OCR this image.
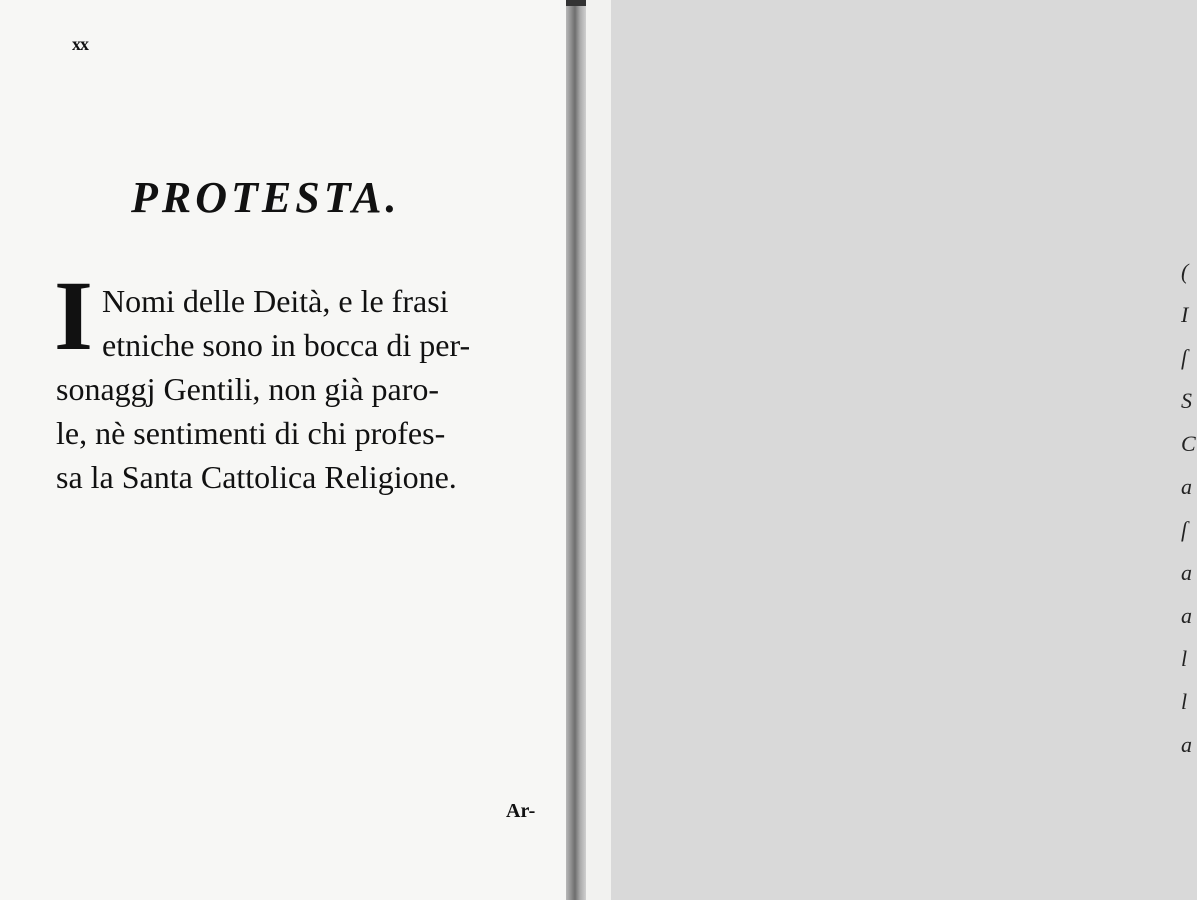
xx
PROTESTA.
I Nomi delle Deità, e le frasi
etniche sono in bocca di per-
sonaggj Gentili, non già paro-
le, nè sentimenti di chi profes-
sa la Santa Cattolica Religione.
Ar-
( I ſ S C a ſ a a l l a
